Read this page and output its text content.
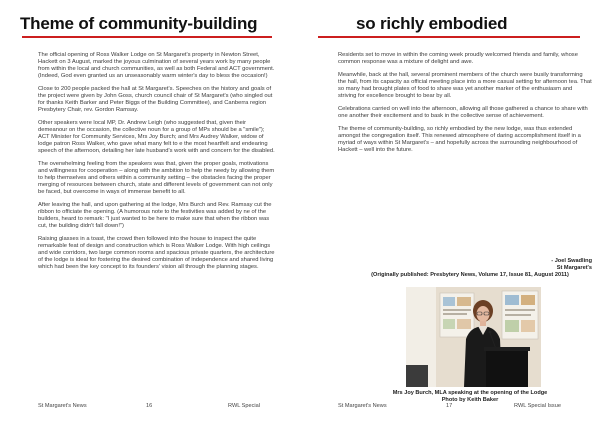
Theme of community-building

The official opening of Ross Walker Lodge on St Margaret's property in Newton Street, Hackett on 3 August, marked the joyous culmination of several years work by many people from within the local and church communities, as well as both Federal and ACT government. (Indeed, God even granted us an unseasonably warm winter's day to bless the occasion!)

Close to 200 people packed the hall at St Margaret's. Speeches on the history and goals of the project were given by John Goss, church council chair of St Margaret's (who singled out for thanks Keith Barker and Peter Biggs of the Building Committee), and Canberra region Presbytery Chair, rev. Gordon Ramsay.

Other speakers were local MP, Dr. Andrew Leigh (who suggested that, given their demeanour on the occasion, the collective noun for a group of MPs should be a "smile"); ACT Minister for Community Services, Mrs Joy Burch; and Mrs Audrey Walker, widow of lodge patron Ross Walker, who gave what many felt to e the most heartfelt and endearing speech of the afternoon, detailing her late husband's work with and concern for the disabled.

The overwhelming feeling from the speakers was that, given the proper goals, motivations and willingness for cooperation – along with the ambition to help the needy by allowing them to help themselves and others within a community setting – the obstacles facing the proper merging of resources between church, state and different levels of government can not only be faced, but overcome in ways of immense benefit to all.

After leaving the hall, and upon gathering at the lodge, Mrs Burch and Rev. Ramsay cut the ribbon to officiate the opening. (A humorous note to the festivities was added by ne of the builders, heard to remark: "I just wanted to be here to make sure that when the ribbon was cut, the building didn't fall down!")

Raising glasses in a toast, the crowd then followed into the house to inspect the quite remarkable feat of design and construction which is Ross Walker Lodge. With high ceilings and wide corridors, two large common rooms and spacious private quarters, the architecture of the lodge is ideal for fostering the desired combination of independence and shared living which had been the key concept to its founders' vision all through the planning stages.

St Margaret's News	16	RWL Special
so richly embodied

Residents set to move in within the coming week proudly welcomed friends and family, whose common response was a mixture of delight and awe.

Meanwhile, back at the hall, several prominent members of the church were busily transforming the hall, from its capacity as official meeting place into a more casual setting for afternoon tea. That so many had brought plates of food to share was yet another marker of the enthusiasm and striving for excellence brought to bear by all.

Celebrations carried on well into the afternoon, allowing all those gathered a chance to share with one another their excitement and to bask in the collective sense of achievement.

The theme of community-building, so richly embodied by the new lodge, was thus extended amongst the congregation itself. This renewed atmosphere of daring accomplishment itself in a myriad of ways within St Margaret's – and hopefully across the surrounding neighbourhood of Hackett – well into the future.

- Joel Swadling
St Margaret's
(Originally published: Presbytery News, Volume 17, Issue 81, August 2011)
Mrs Joy Burch, MLA speaking at the opening of the Lodge
Photo by Keith Baker
St Margaret's News	17	RWL Special Issue
